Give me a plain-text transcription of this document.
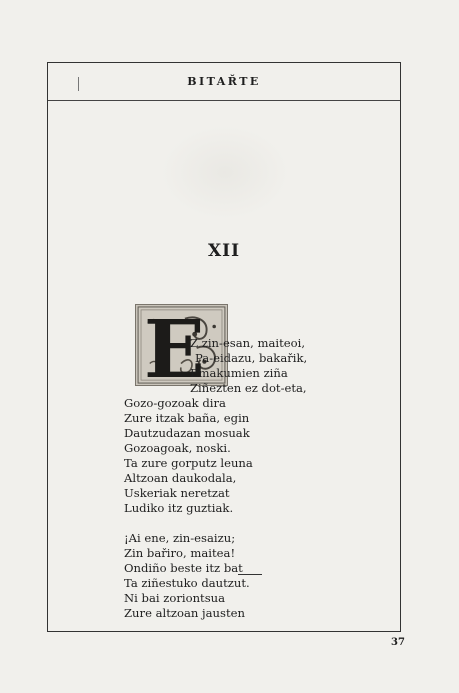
BITAŘTE
XII
E
Z zin-esan, maiteoi,
Pa-eidazu, bakařik,
Emakumien ziña
Ziñezten ez dot-eta,
Gozo-gozoak dira
Zure itzak baña, egin
Dautzudazan mosuak
Gozoagoak, noski.
Ta zure gorputz leuna
Altzoan daukodala,
Uskeriak neretzat
Ludiko itz guztiak.
¡Ai ene, zin-esaizu;
Zin bařiro, maitea!
Ondiño beste itz bat
Ta ziñestuko dautzut.
Ni bai zoriontsua
Zure altzoan jausten
37
